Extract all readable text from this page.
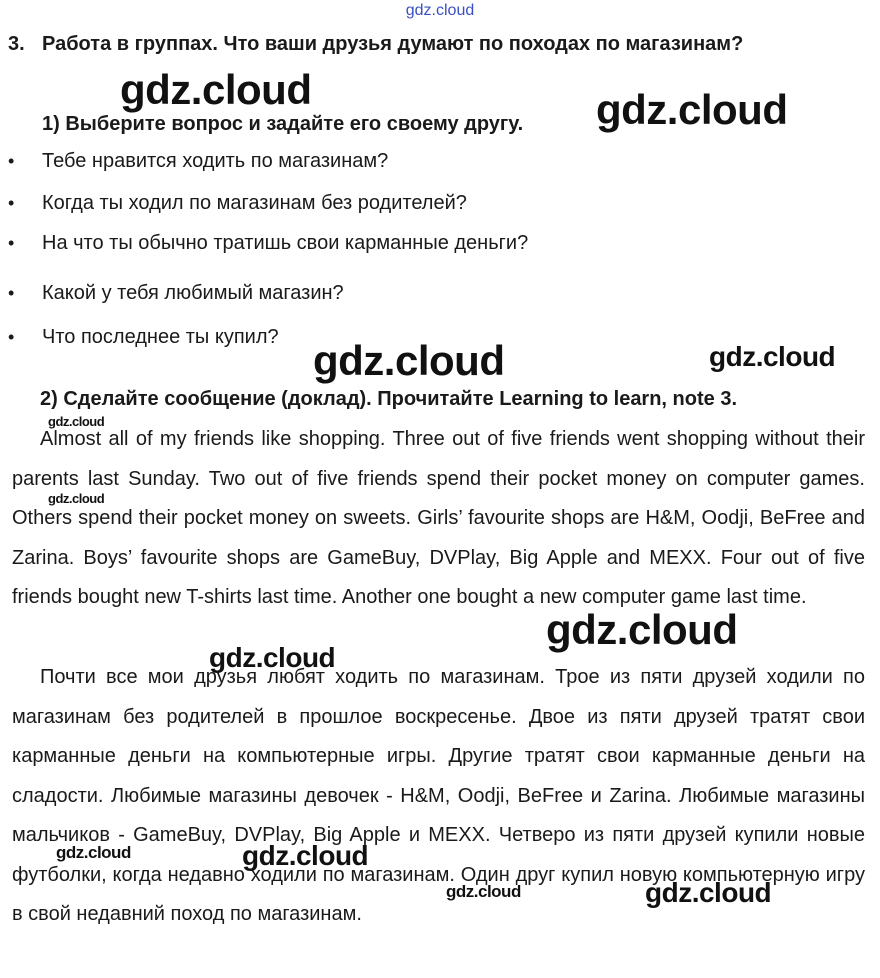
gdz.cloud
3. Работа в группах. Что ваши друзья думают по походах по магазинам?
1) Выберите вопрос и задайте его своему другу.
• Тебе нравится ходить по магазинам?
• Когда ты ходил по магазинам без родителей?
• На что ты обычно тратишь свои карманные деньги?
• Какой у тебя любимый магазин?
• Что последнее ты купил?
2) Сделайте сообщение (доклад). Прочитайте Learning to learn, note 3.
Almost all of my friends like shopping. Three out of five friends went shopping without their parents last Sunday. Two out of five friends spend their pocket money on computer games. Others spend their pocket money on sweets. Girls’ favourite shops are H&M, Oodji, BeFree and Zarina. Boys’ favourite shops are GameBuy, DVPlay, Big Apple and MEXX. Four out of five friends bought new T-shirts last time. Another one bought a new computer game last time.
Почти все мои друзья любят ходить по магазинам. Трое из пяти друзей ходили по магазинам без родителей в прошлое воскресенье. Двое из пяти друзей тратят свои карманные деньги на компьютерные игры. Другие тратят свои карманные деньги на сладости. Любимые магазины девочек - H&M, Oodji, BeFree и Zarina. Любимые магазины мальчиков - GameBuy, DVPlay, Big Apple и MEXX. Четверо из пяти друзей купили новые футболки, когда недавно ходили по магазинам. Один друг купил новую компьютерную игру в свой недавний поход по магазинам.
gdz.cloud	gdz.cloud
gdz.cloud	gdz.cloud
gdz.cloud
gdz.cloud
gdz.cloud
gdz.cloud
gdz.cloud	gdz.cloud
gdz.cloud	gdz.cloud
